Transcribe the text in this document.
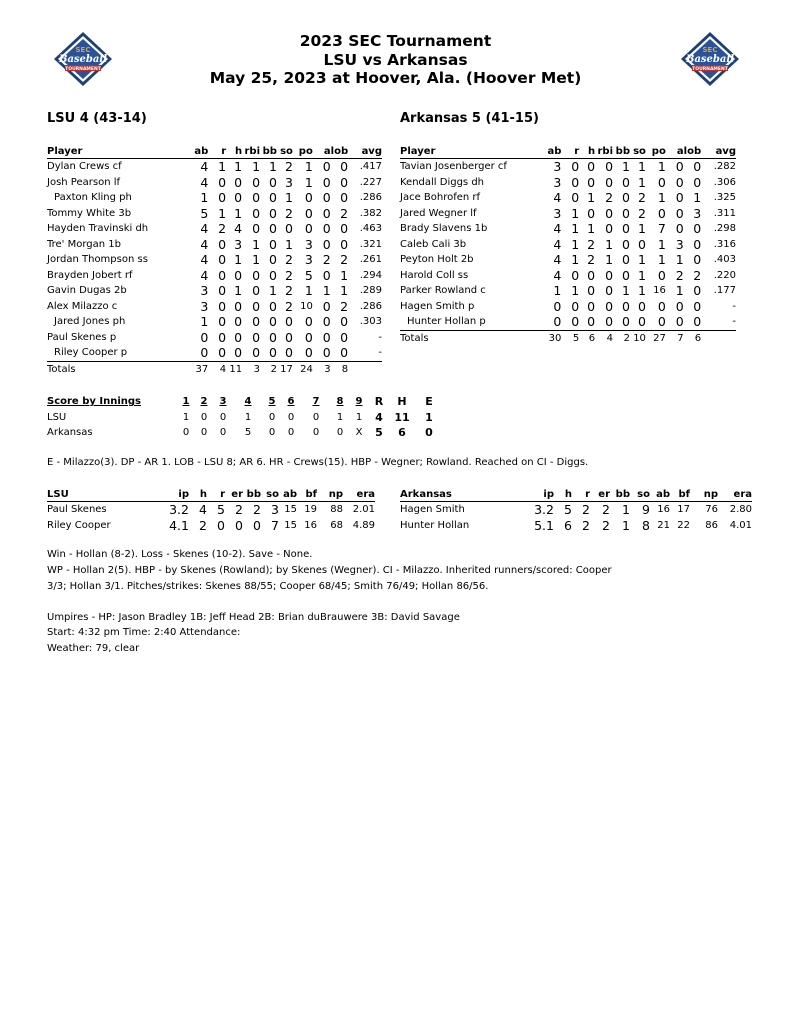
SEC
Baseball
TOURNAMENT
SEC
Baseball
TOURNAMENT
2023 SEC Tournament
LSU vs Arkansas
May 25, 2023 at Hoover, Ala. (Hoover Met)
LSU 4 (43-14)	Arkansas 5 (41-15)
Player	ab	r	h	rbi	bb	so	po	a	lob	avg
Dylan Crews cf	4	1	1	1	1	2	1	0	0	.417
Josh Pearson lf	4	0	0	0	0	3	1	0	0	.227
Paxton Kling ph	1	0	0	0	0	1	0	0	0	.286
Tommy White 3b	5	1	1	0	0	2	0	0	2	.382
Hayden Travinski dh	4	2	4	0	0	0	0	0	0	.463
Tre' Morgan 1b	4	0	3	1	0	1	3	0	0	.321
Jordan Thompson ss	4	0	1	1	0	2	3	2	2	.261
Brayden Jobert rf	4	0	0	0	0	2	5	0	1	.294
Gavin Dugas 2b	3	0	1	0	1	2	1	1	1	.289
Alex Milazzo c	3	0	0	0	0	2	10	0	2	.286
Jared Jones ph	1	0	0	0	0	0	0	0	0	.303
Paul Skenes p	0	0	0	0	0	0	0	0	0	-
Riley Cooper p	0	0	0	0	0	0	0	0	0	-
Totals	37	4	11	3	2	17	24	3	8	
Player	ab	r	h	rbi	bb	so	po	a	lob	avg
Tavian Josenberger cf	3	0	0	0	1	1	1	0	0	.282
Kendall Diggs dh	3	0	0	0	0	1	0	0	0	.306
Jace Bohrofen rf	4	0	1	2	0	2	1	0	1	.325
Jared Wegner lf	3	1	0	0	0	2	0	0	3	.311
Brady Slavens 1b	4	1	1	0	0	1	7	0	0	.298
Caleb Cali 3b	4	1	2	1	0	0	1	3	0	.316
Peyton Holt 2b	4	1	2	1	0	1	1	1	0	.403
Harold Coll ss	4	0	0	0	0	1	0	2	2	.220
Parker Rowland c	1	1	0	0	1	1	16	1	0	.177
Hagen Smith p	0	0	0	0	0	0	0	0	0	-
Hunter Hollan p	0	0	0	0	0	0	0	0	0	-
Totals	30	5	6	4	2	10	27	7	6	
Score by Innings	1	2	3	4	5	6	7	8	9	R	H	E
LSU	1	0	0	1	0	0	0	1	1	4	11	1
Arkansas	0	0	0	5	0	0	0	0	X	5	6	0
E - Milazzo(3). DP - AR 1. LOB - LSU 8; AR 6. HR - Crews(15). HBP - Wegner; Rowland. Reached on CI - Diggs.
LSU	ip	h	r	er	bb	so	ab	bf	np	era
Paul Skenes	3.2	4	5	2	2	3	15	19	88	2.01
Riley Cooper	4.1	2	0	0	0	7	15	16	68	4.89
Arkansas	ip	h	r	er	bb	so	ab	bf	np	era
Hagen Smith	3.2	5	2	2	1	9	16	17	76	2.80
Hunter Hollan	5.1	6	2	2	1	8	21	22	86	4.01
Win - Hollan (8-2). Loss - Skenes (10-2). Save - None.
WP - Hollan 2(5). HBP - by Skenes (Rowland); by Skenes (Wegner). CI - Milazzo. Inherited runners/scored: Cooper
3/3; Hollan 3/1. Pitches/strikes: Skenes 88/55; Cooper 68/45; Smith 76/49; Hollan 86/56.
Umpires - HP: Jason Bradley 1B: Jeff Head 2B: Brian duBrauwere 3B: David Savage
Start: 4:32 pm Time: 2:40 Attendance:
Weather: 79, clear
